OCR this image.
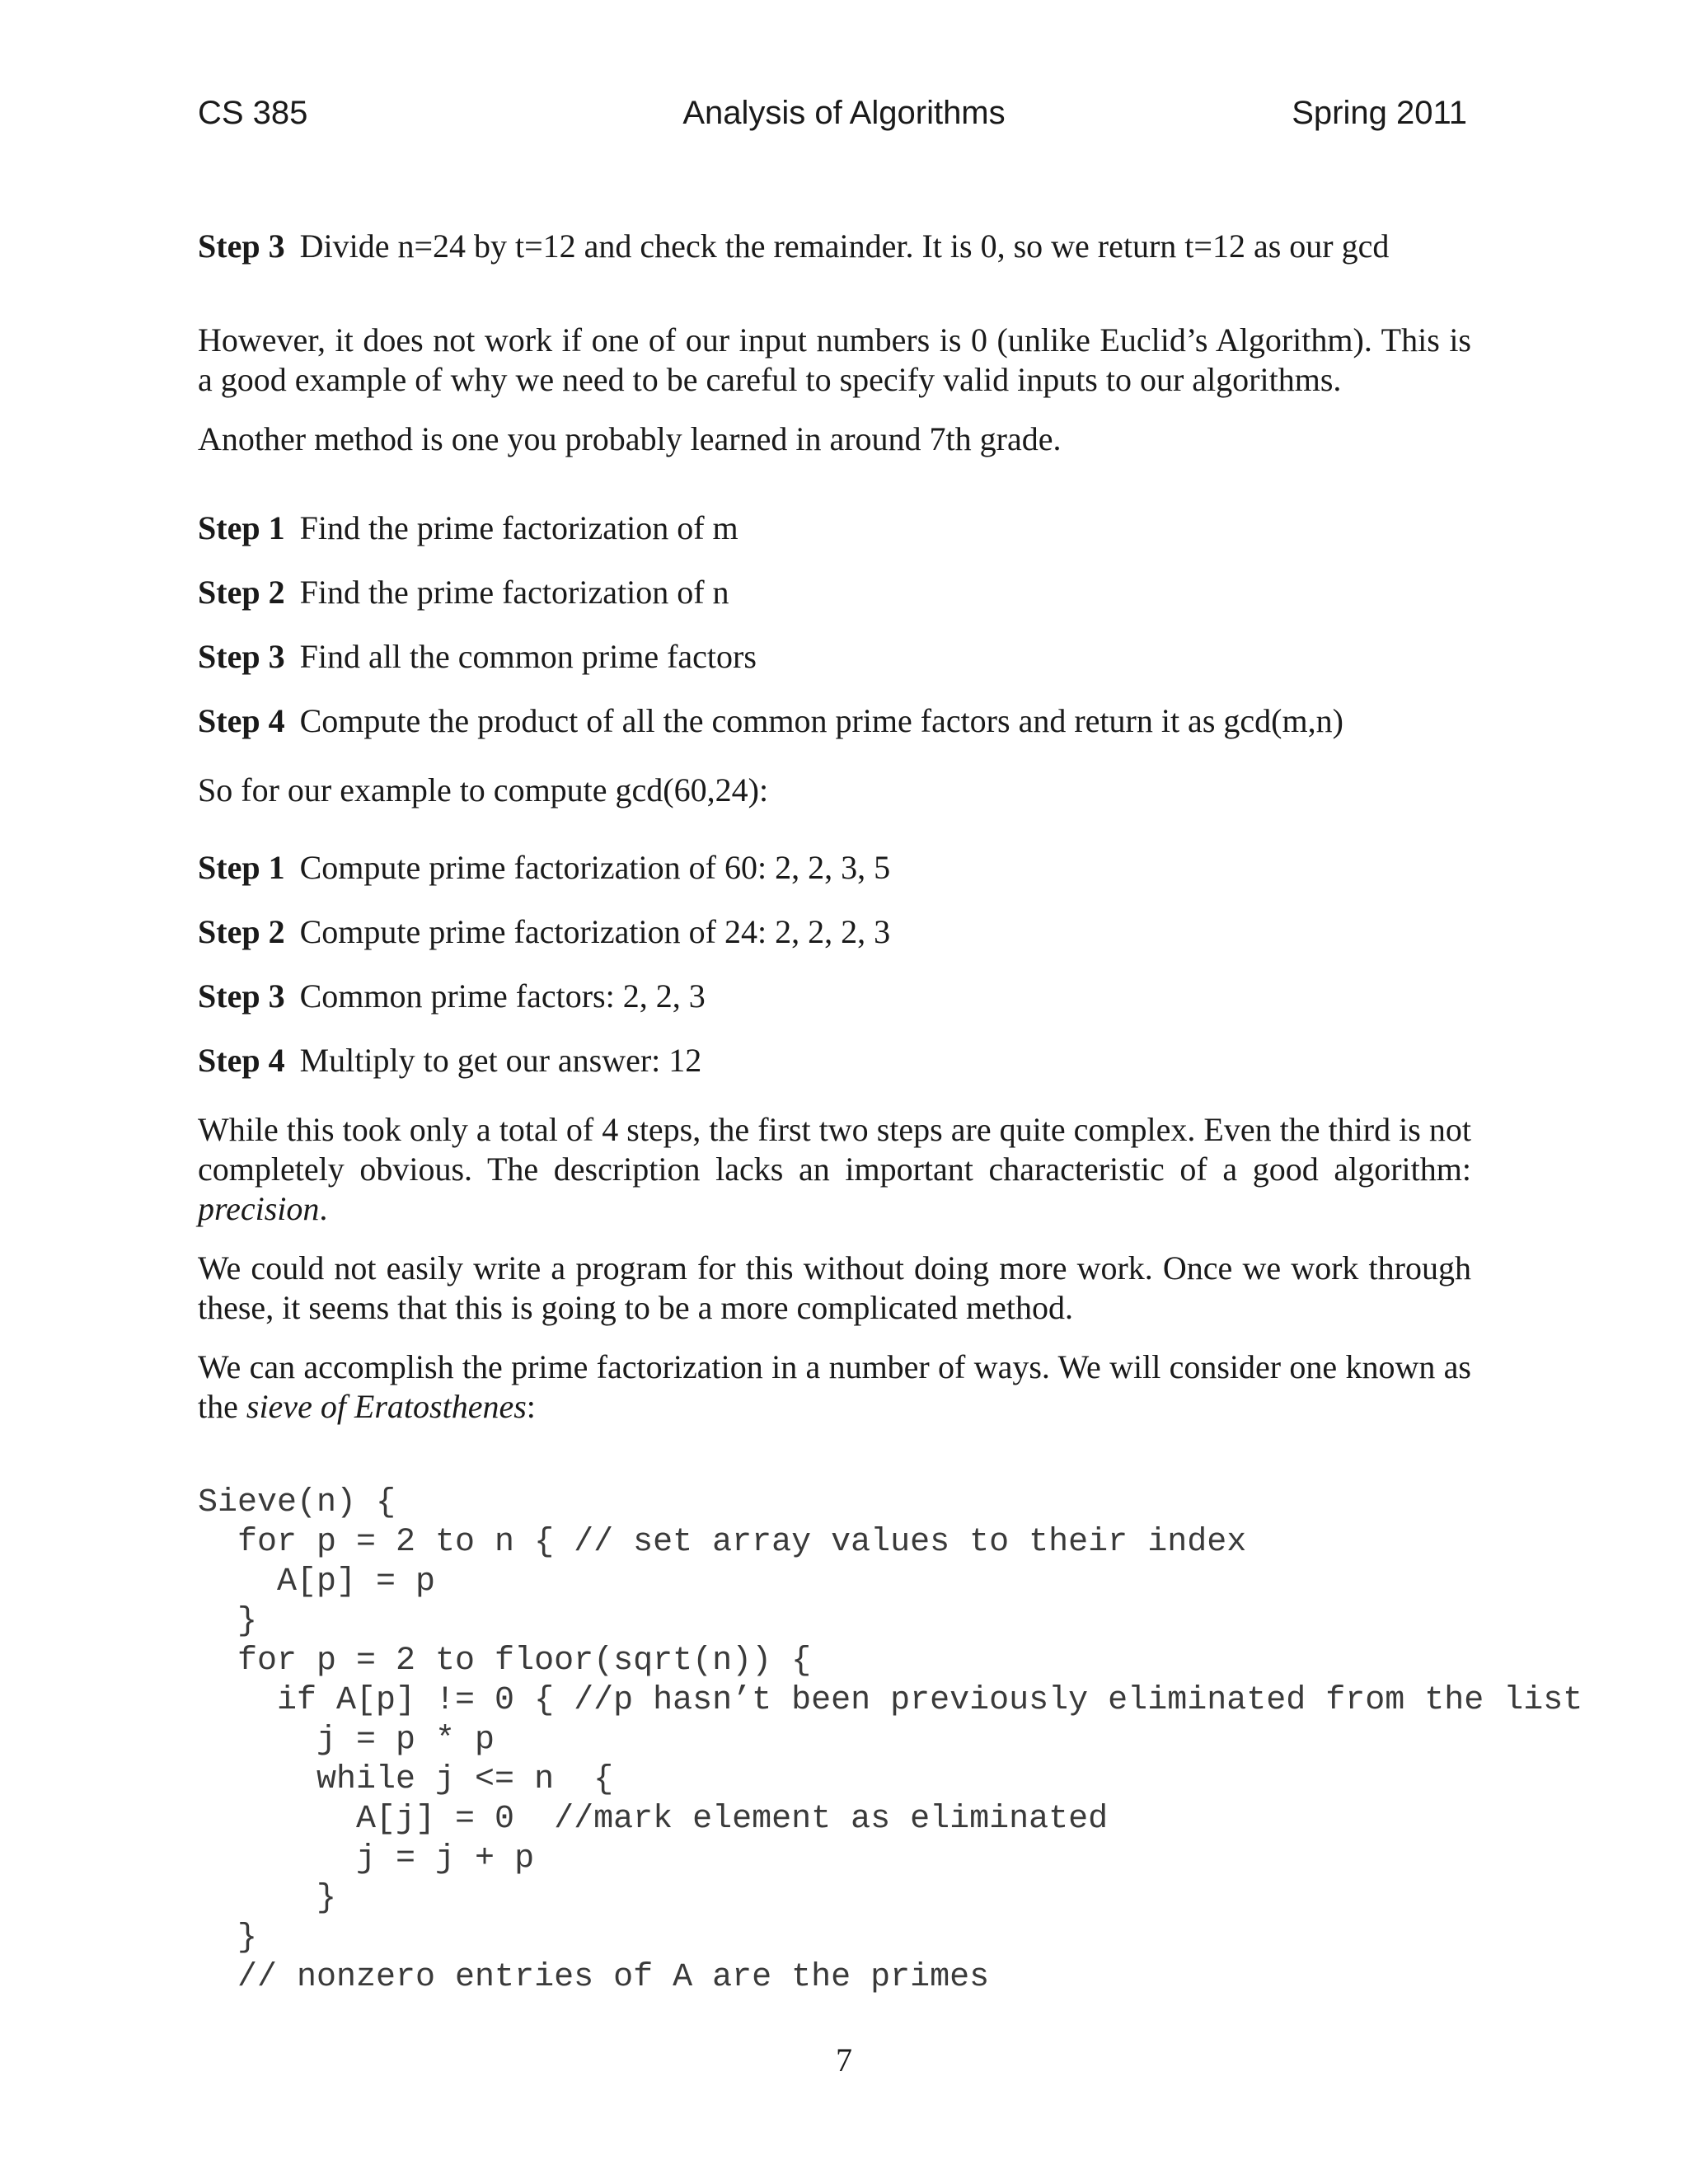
CS 385	Analysis of Algorithms	Spring 2011
Step 3 Divide n=24 by t=12 and check the remainder. It is 0, so we return t=12 as our gcd

However, it does not work if one of our input numbers is 0 (unlike Euclid’s Algorithm). This is a good example of why we need to be careful to specify valid inputs to our algorithms.

Another method is one you probably learned in around 7th grade.

Step 1 Find the prime factorization of m
Step 2 Find the prime factorization of n
Step 3 Find all the common prime factors
Step 4 Compute the product of all the common prime factors and return it as gcd(m,n)

So for our example to compute gcd(60,24):

Step 1 Compute prime factorization of 60: 2, 2, 3, 5
Step 2 Compute prime factorization of 24: 2, 2, 2, 3
Step 3 Common prime factors: 2, 2, 3
Step 4 Multiply to get our answer: 12

While this took only a total of 4 steps, the first two steps are quite complex. Even the third is not completely obvious. The description lacks an important characteristic of a good algorithm: precision.

We could not easily write a program for this without doing more work. Once we work through these, it seems that this is going to be a more complicated method.

We can accomplish the prime factorization in a number of ways. We will consider one known as the sieve of Eratosthenes:

Sieve(n) {
for p = 2 to n { // set array values to their index
A[p] = p
}
for p = 2 to floor(sqrt(n)) {
if A[p] != 0 { //p hasn’t been previously eliminated from the list
j = p * p
while j <= n  {
A[j] = 0  //mark element as eliminated
j = j + p
}
}
// nonzero entries of A are the primes
7
